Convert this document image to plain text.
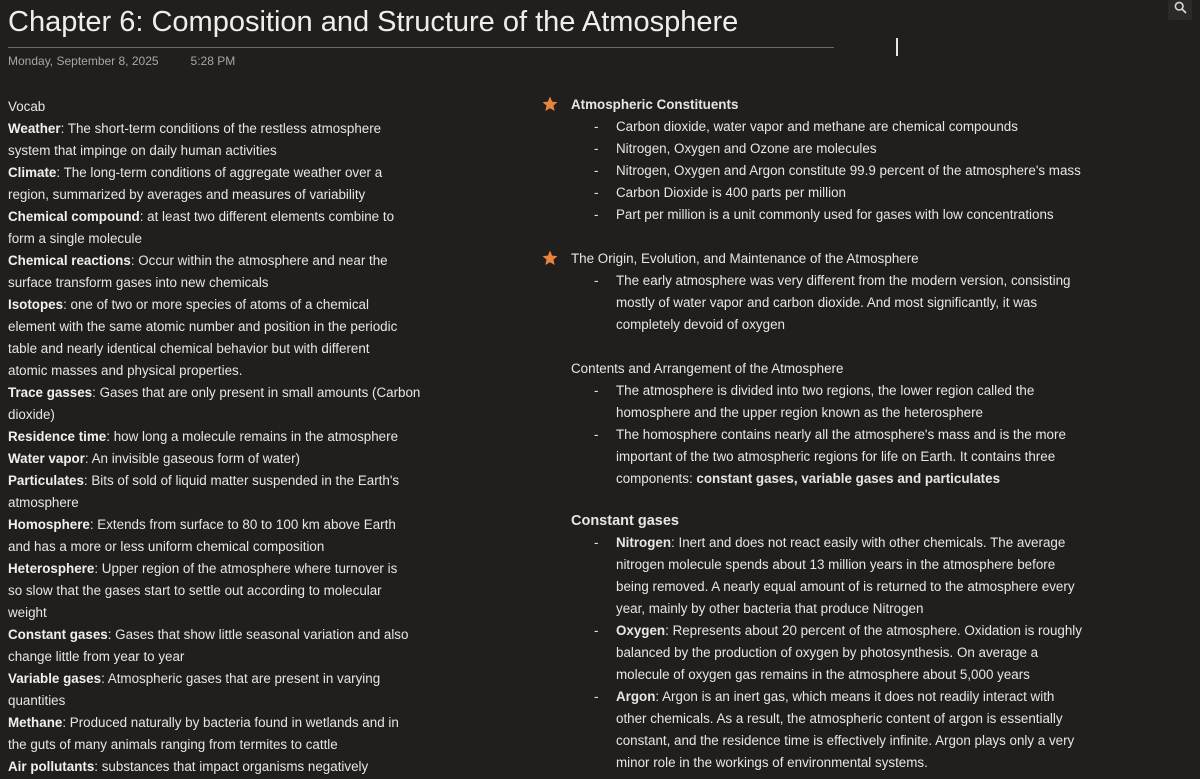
Chapter 6: Composition and Structure of the Atmosphere
Monday, September 8, 2025	5:28 PM
Vocab
Weather: The short-term conditions of the restless atmosphere
system that impinge on daily human activities
Climate: The long-term conditions of aggregate weather over a
region, summarized by averages and measures of variability
Chemical compound: at least two different elements combine to
form a single molecule
Chemical reactions: Occur within the atmosphere and near the
surface transform gases into new chemicals
Isotopes: one of two or more species of atoms of a chemical
element with the same atomic number and position in the periodic
table and nearly identical chemical behavior but with different
atomic masses and physical properties.
Trace gasses: Gases that are only present in small amounts (Carbon
dioxide)
Residence time: how long a molecule remains in the atmosphere
Water vapor: An invisible gaseous form of water)
Particulates: Bits of sold of liquid matter suspended in the Earth's
atmosphere
Homosphere: Extends from surface to 80 to 100 km above Earth
and has a more or less uniform chemical composition
Heterosphere: Upper region of the atmosphere where turnover is
so slow that the gases start to settle out according to molecular
weight
Constant gases: Gases that show little seasonal variation and also
change little from year to year
Variable gases: Atmospheric gases that are present in varying
quantities
Methane: Produced naturally by bacteria found in wetlands and in
the guts of many animals ranging from termites to cattle
Air pollutants: substances that impact organisms negatively
Atmospheric Constituents
- Carbon dioxide, water vapor and methane are chemical compounds
- Nitrogen, Oxygen and Ozone are molecules
- Nitrogen, Oxygen and Argon constitute 99.9 percent of the atmosphere's mass
- Carbon Dioxide is 400 parts per million
- Part per million is a unit commonly used for gases with low concentrations
The Origin, Evolution, and Maintenance of the Atmosphere
- The early atmosphere was very different from the modern version, consisting
mostly of water vapor and carbon dioxide. And most significantly, it was
completely devoid of oxygen
Contents and Arrangement of the Atmosphere
- The atmosphere is divided into two regions, the lower region called the
homosphere and the upper region known as the heterosphere
- The homosphere contains nearly all the atmosphere's mass and is the more
important of the two atmospheric regions for life on Earth. It contains three
components: constant gases, variable gases and particulates
Constant gases
- Nitrogen: Inert and does not react easily with other chemicals. The average
nitrogen molecule spends about 13 million years in the atmosphere before
being removed. A nearly equal amount of is returned to the atmosphere every
year, mainly by other bacteria that produce Nitrogen
- Oxygen: Represents about 20 percent of the atmosphere. Oxidation is roughly
balanced by the production of oxygen by photosynthesis. On average a
molecule of oxygen gas remains in the atmosphere about 5,000 years
- Argon: Argon is an inert gas, which means it does not readily interact with
other chemicals. As a result, the atmospheric content of argon is essentially
constant, and the residence time is effectively infinite. Argon plays only a very
minor role in the workings of environmental systems.
